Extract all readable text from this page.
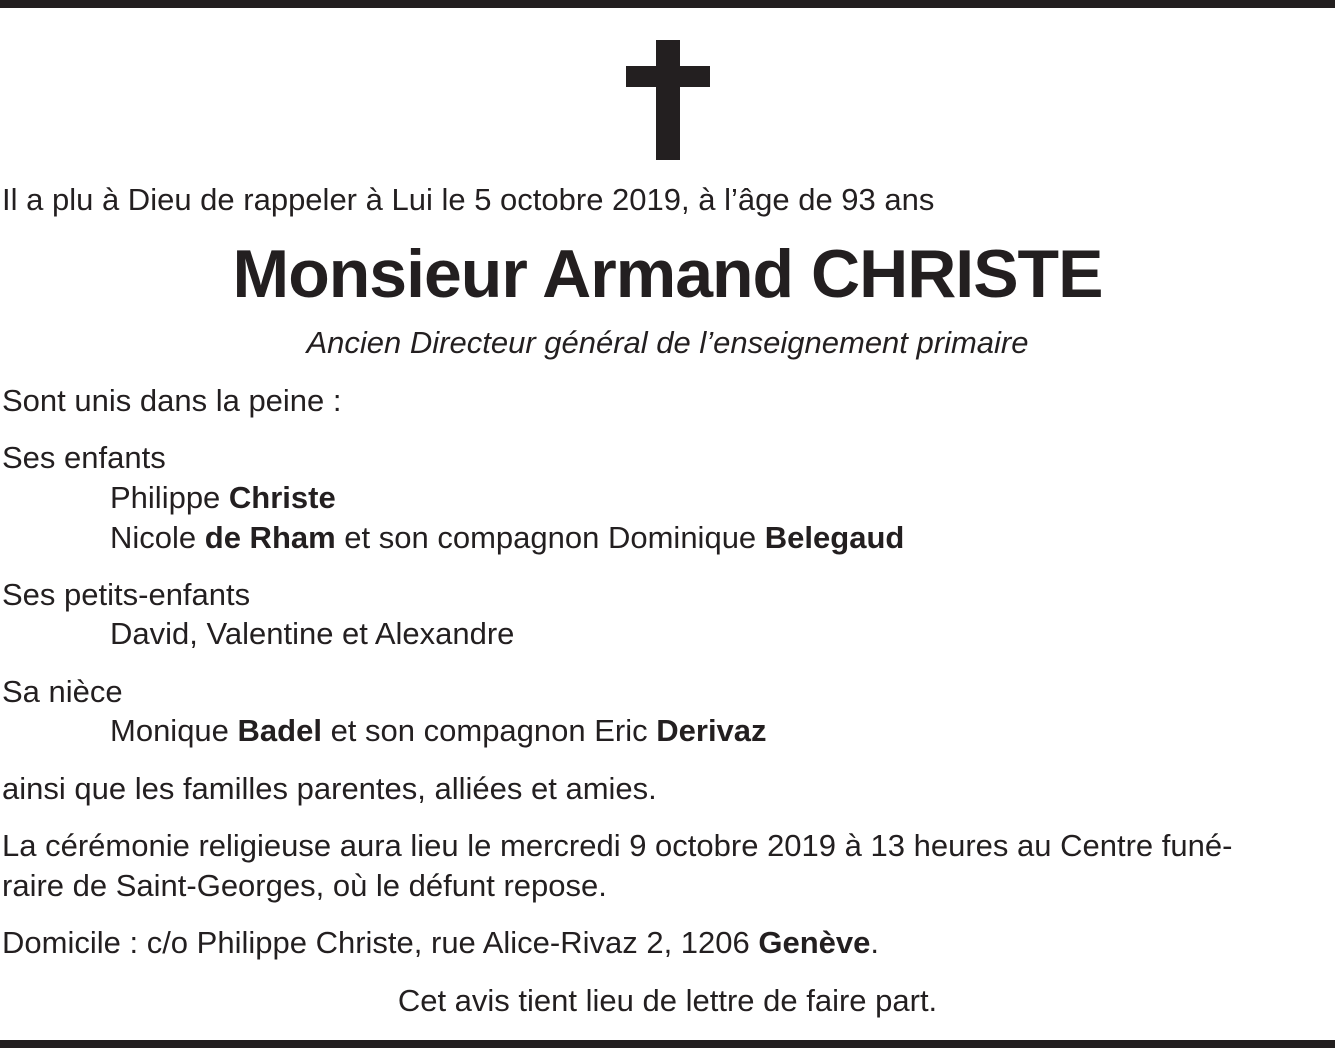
Il a plu à Dieu de rappeler à Lui le 5 octobre 2019, à l’âge de 93 ans
Monsieur Armand CHRISTE
Ancien Directeur général de l’enseignement primaire
Sont unis dans la peine :
Ses enfants
Philippe Christe
Nicole de Rham et son compagnon Dominique Belegaud
Ses petits-enfants
David, Valentine et Alexandre
Sa nièce
Monique Badel et son compagnon Eric Derivaz
ainsi que les familles parentes, alliées et amies.
La cérémonie religieuse aura lieu le mercredi 9 octobre 2019 à 13 heures au Centre funé-
raire de Saint-Georges, où le défunt repose.
Domicile : c/o Philippe Christe, rue Alice-Rivaz 2, 1206 Genève.
Cet avis tient lieu de lettre de faire part.
